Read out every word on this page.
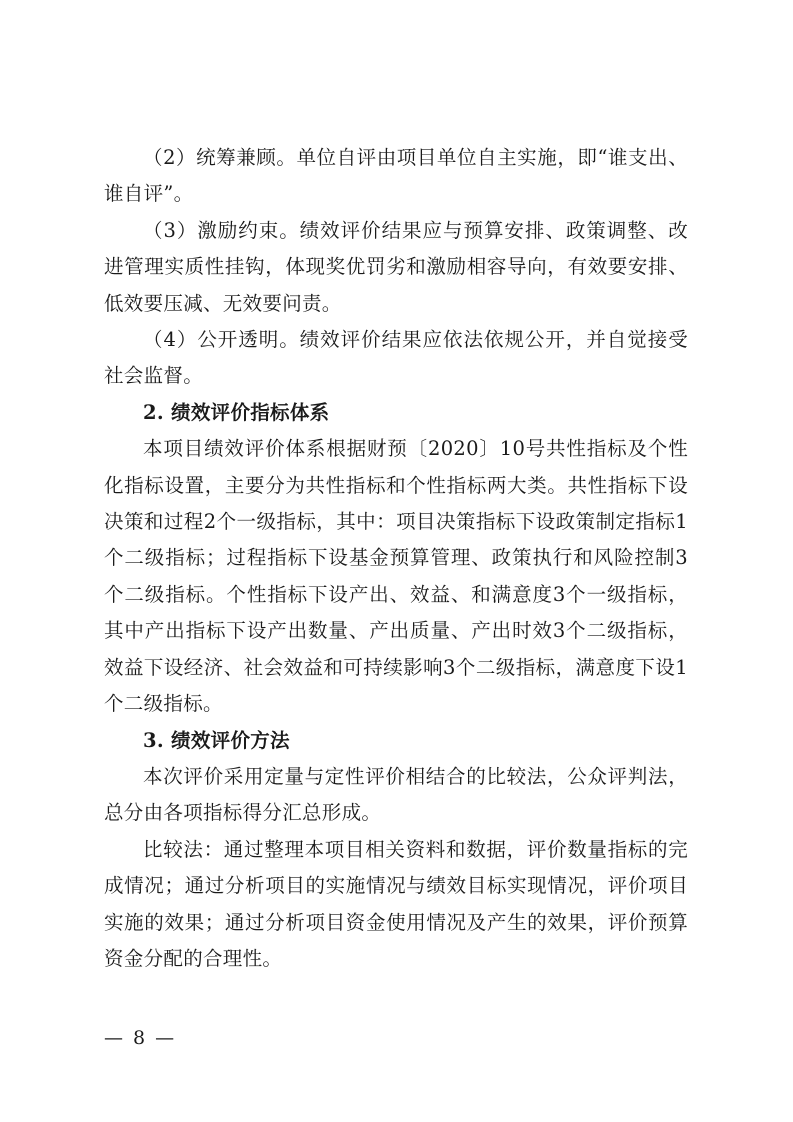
（2）统筹兼顾。单位自评由项目单位自主实施，即“谁支出、谁自评”。

（3）激励约束。绩效评价结果应与预算安排、政策调整、改进管理实质性挂钩，体现奖优罚劣和激励相容导向，有效要安排、低效要压减、无效要问责。

（4）公开透明。绩效评价结果应依法依规公开，并自觉接受社会监督。

2. 绩效评价指标体系

本项目绩效评价体系根据财预〔2020〕10号共性指标及个性化指标设置，主要分为共性指标和个性指标两大类。共性指标下设决策和过程2个一级指标，其中：项目决策指标下设政策制定指标1个二级指标；过程指标下设基金预算管理、政策执行和风险控制3个二级指标。个性指标下设产出、效益、和满意度3个一级指标，其中产出指标下设产出数量、产出质量、产出时效3个二级指标，效益下设经济、社会效益和可持续影响3个二级指标，满意度下设1个二级指标。

3. 绩效评价方法

本次评价采用定量与定性评价相结合的比较法，公众评判法，总分由各项指标得分汇总形成。

比较法：通过整理本项目相关资料和数据，评价数量指标的完成情况；通过分析项目的实施情况与绩效目标实现情况，评价项目实施的效果；通过分析项目资金使用情况及产生的效果，评价预算资金分配的合理性。

— 8 —
